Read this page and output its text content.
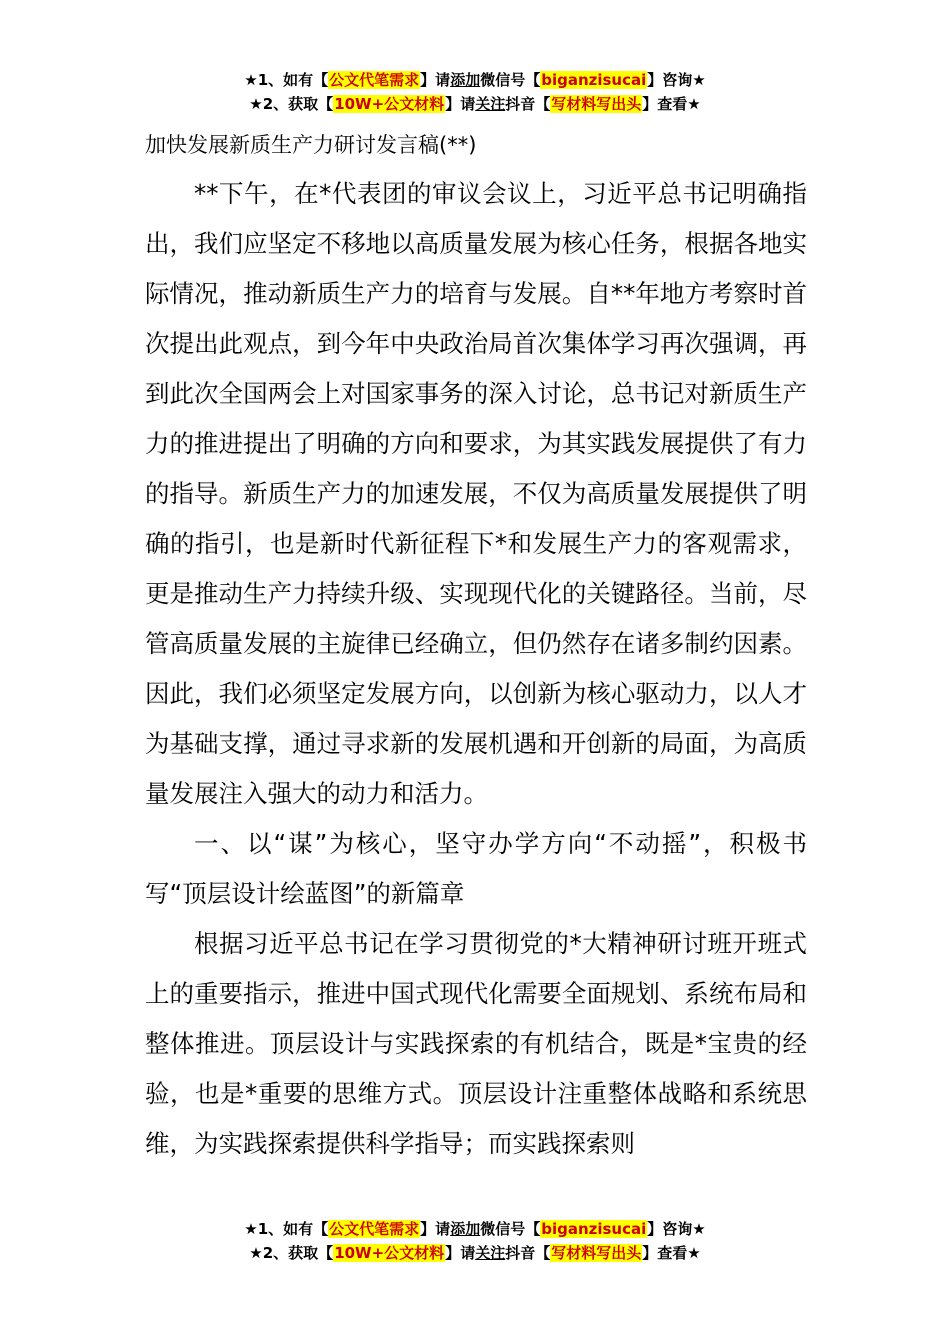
★1、如有【公文代笔需求】请添加微信号【biganzisucai】咨询★
★2、获取【10W+公文材料】请关注抖音【写材料写出头】查看★

加快发展新质生产力研讨发言稿(**)

**下午，在*代表团的审议会议上，习近平总书记明确指出，我们应坚定不移地以高质量发展为核心任务，根据各地实际情况，推动新质生产力的培育与发展。自**年地方考察时首次提出此观点，到今年中央政治局首次集体学习再次强调，再到此次全国两会上对国家事务的深入讨论，总书记对新质生产力的推进提出了明确的方向和要求，为其实践发展提供了有力的指导。新质生产力的加速发展，不仅为高质量发展提供了明确的指引，也是新时代新征程下*和发展生产力的客观需求，更是推动生产力持续升级、实现现代化的关键路径。当前，尽管高质量发展的主旋律已经确立，但仍然存在诸多制约因素。因此，我们必须坚定发展方向，以创新为核心驱动力，以人才为基础支撑，通过寻求新的发展机遇和开创新的局面，为高质量发展注入强大的动力和活力。

一、以“谋”为核心，坚守办学方向“不动摇”，积极书写“顶层设计绘蓝图”的新篇章

根据习近平总书记在学习贯彻党的*大精神研讨班开班式上的重要指示，推进中国式现代化需要全面规划、系统布局和整体推进。顶层设计与实践探索的有机结合，既是*宝贵的经验，也是*重要的思维方式。顶层设计注重整体战略和系统思维，为实践探索提供科学指导；而实践探索则

★1、如有【公文代笔需求】请添加微信号【biganzisucai】咨询★
★2、获取【10W+公文材料】请关注抖音【写材料写出头】查看★
